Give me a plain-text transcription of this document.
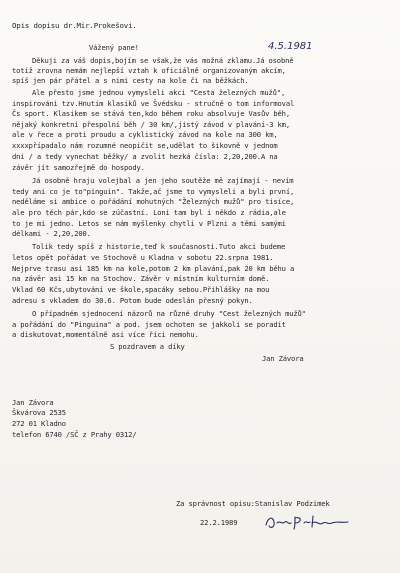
Opis dopisu dr.Mir.Prokešovi.
Vážený pane!	4.5.1981
Děkuji za váš dopis,bojím se však,že vás možná zklamu.Já osobně
totiž zrovna nemám nejlepší vztah k oficiálně organizovaným akcím,
spíš jen pár přátel a s nimi cesty na kole či na běžkách.
Ale přesto jsme jednou vymysleli akci "Cesta železných mužů",
inspirováni tzv.Hnutím klasiků ve Švédsku - stručně o tom informoval
Čs sport. Klasikem se stává ten,kdo během roku absolvuje Vasův běh,
nějaký konkretní přespolní běh / 30 km/,jistý závod v plavání-3 km,
ale v řece a proti proudu a cyklistický závod na kole na 300 km,
xxxxpřípadalo nám rozumné neopičit se,udělat to šikovně v jednom
dni / a tedy vynechat běžky/ a zvolit hezká čísla: 2,20,200.A na
závěr jít samozřejmě do hospody.
Já osobně hraju volejbal a jen jeho soutěže mě zajímají - nevím
tedy ani co je to"pinguin". Takže,ač jsme to vymysleli a byli první,
neděláme si ambice o pořádání mohutných "Železných mužů" pro tisíce,
ale pro těch pár,kdo se zúčastní. Loni tam byl i někdo z rádia,ale
to je mi jedno. Letos se nám myšlenky chytli v Plzni a těmi samými
délkami - 2,20,200.
Tolik tedy spíš z historie,teď k současnosti.Tuto akci budeme
letos opět pořádat ve Stochově u Kladna v sobotu 22.srpna 1981.
Nejprve trasu asi 185 km na kole,potom 2 km plavání,pak 20 km běhu a
na závěr asi 15 km na Stochov. Závěr v místním kulturním domě.
Vklad 60 Kčs,ubytování ve škole,spacáky sebou.Přihlášky na mou
adresu s vkladem do 30.6. Potom bude odeslán přesný pokyn.
O případném sjednocení názorů na různé druhy "Cest železných mužů"
a pořádání do "Pinguina" a pod. jsem ochoten se jakkoli se poradit
a diskutovat,momentálně asi více říci nemohu.
S pozdravem a díky
Jan Závora
Jan Závora
Škvárova 2535
272 01 Kladno
telefon 6740 /SČ z Prahy 0312/
Za správnost opisu:Stanislav Podzimek
22.2.1989
